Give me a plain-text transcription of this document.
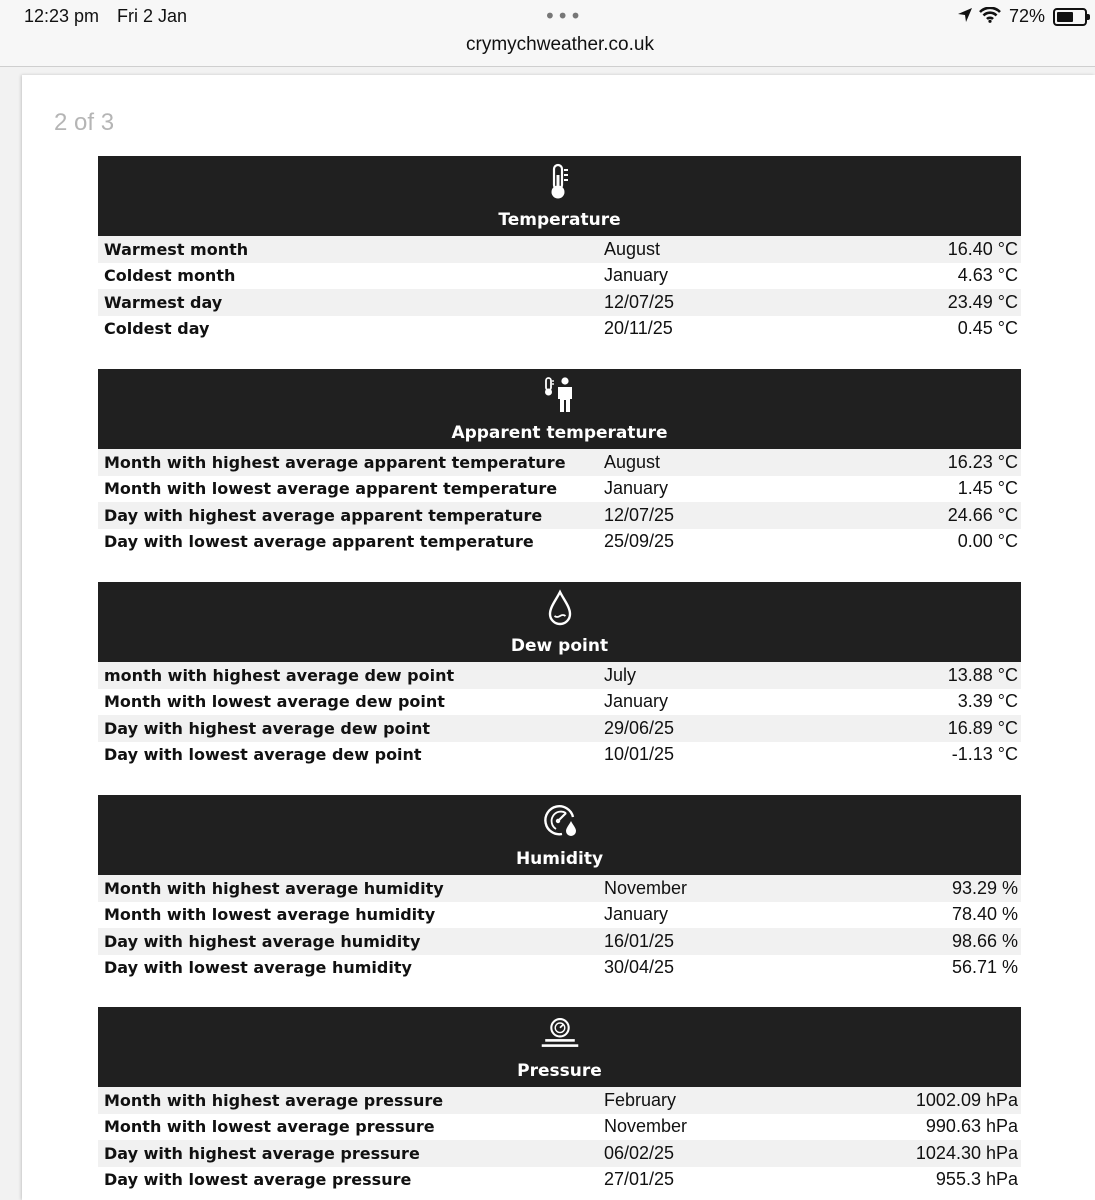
12:23 pm Fri 2 Jan	•••
crymychweather.co.uk
72%
2 of 3
Temperature
Warmest month	August	16.40 °C
Coldest month	January	4.63 °C
Warmest day	12/07/25	23.49 °C
Coldest day	20/11/25	0.45 °C
Apparent temperature
Month with highest average apparent temperature	August	16.23 °C
Month with lowest average apparent temperature	January	1.45 °C
Day with highest average apparent temperature	12/07/25	24.66 °C
Day with lowest average apparent temperature	25/09/25	0.00 °C
Dew point
month with highest average dew point	July	13.88 °C
Month with lowest average dew point	January	3.39 °C
Day with highest average dew point	29/06/25	16.89 °C
Day with lowest average dew point	10/01/25	-1.13 °C
Humidity
Month with highest average humidity	November	93.29 %
Month with lowest average humidity	January	78.40 %
Day with highest average humidity	16/01/25	98.66 %
Day with lowest average humidity	30/04/25	56.71 %
Pressure
Month with highest average pressure	February	1002.09 hPa
Month with lowest average pressure	November	990.63 hPa
Day with highest average pressure	06/02/25	1024.30 hPa
Day with lowest average pressure	27/01/25	955.3 hPa
